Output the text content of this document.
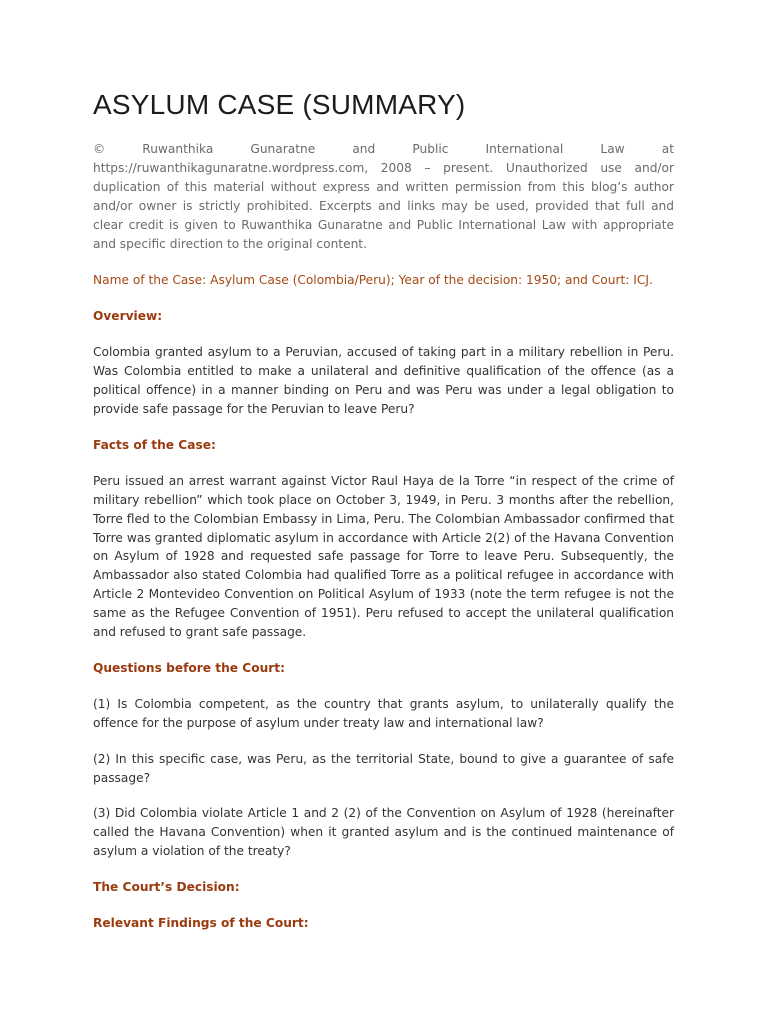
ASYLUM CASE (SUMMARY)

© Ruwanthika Gunaratne and Public International Law at https://ruwanthikagunaratne.wordpress.com, 2008 – present. Unauthorized use and/or duplication of this material without express and written permission from this blog’s author and/or owner is strictly prohibited. Excerpts and links may be used, provided that full and clear credit is given to Ruwanthika Gunaratne and Public International Law with appropriate and specific direction to the original content.

Name of the Case: Asylum Case (Colombia/Peru); Year of the decision: 1950; and Court: ICJ.

Overview:

Colombia granted asylum to a Peruvian, accused of taking part in a military rebellion in Peru. Was Colombia entitled to make a unilateral and definitive qualification of the offence (as a political offence) in a manner binding on Peru and was Peru was under a legal obligation to provide safe passage for the Peruvian to leave Peru?

Facts of the Case:

Peru issued an arrest warrant against Victor Raul Haya de la Torre “in respect of the crime of military rebellion” which took place on October 3, 1949, in Peru. 3 months after the rebellion, Torre fled to the Colombian Embassy in Lima, Peru. The Colombian Ambassador confirmed that Torre was granted diplomatic asylum in accordance with Article 2(2) of the Havana Convention on Asylum of 1928 and requested safe passage for Torre to leave Peru. Subsequently, the Ambassador also stated Colombia had qualified Torre as a political refugee in accordance with Article 2 Montevideo Convention on Political Asylum of 1933 (note the term refugee is not the same as the Refugee Convention of 1951). Peru refused to accept the unilateral qualification and refused to grant safe passage.

Questions before the Court:

(1) Is Colombia competent, as the country that grants asylum, to unilaterally qualify the offence for the purpose of asylum under treaty law and international law?

(2) In this specific case, was Peru, as the territorial State, bound to give a guarantee of safe passage?

(3) Did Colombia violate Article 1 and 2 (2) of the Convention on Asylum of 1928 (hereinafter called the Havana Convention) when it granted asylum and is the continued maintenance of asylum a violation of the treaty?

The Court’s Decision:

Relevant Findings of the Court:
